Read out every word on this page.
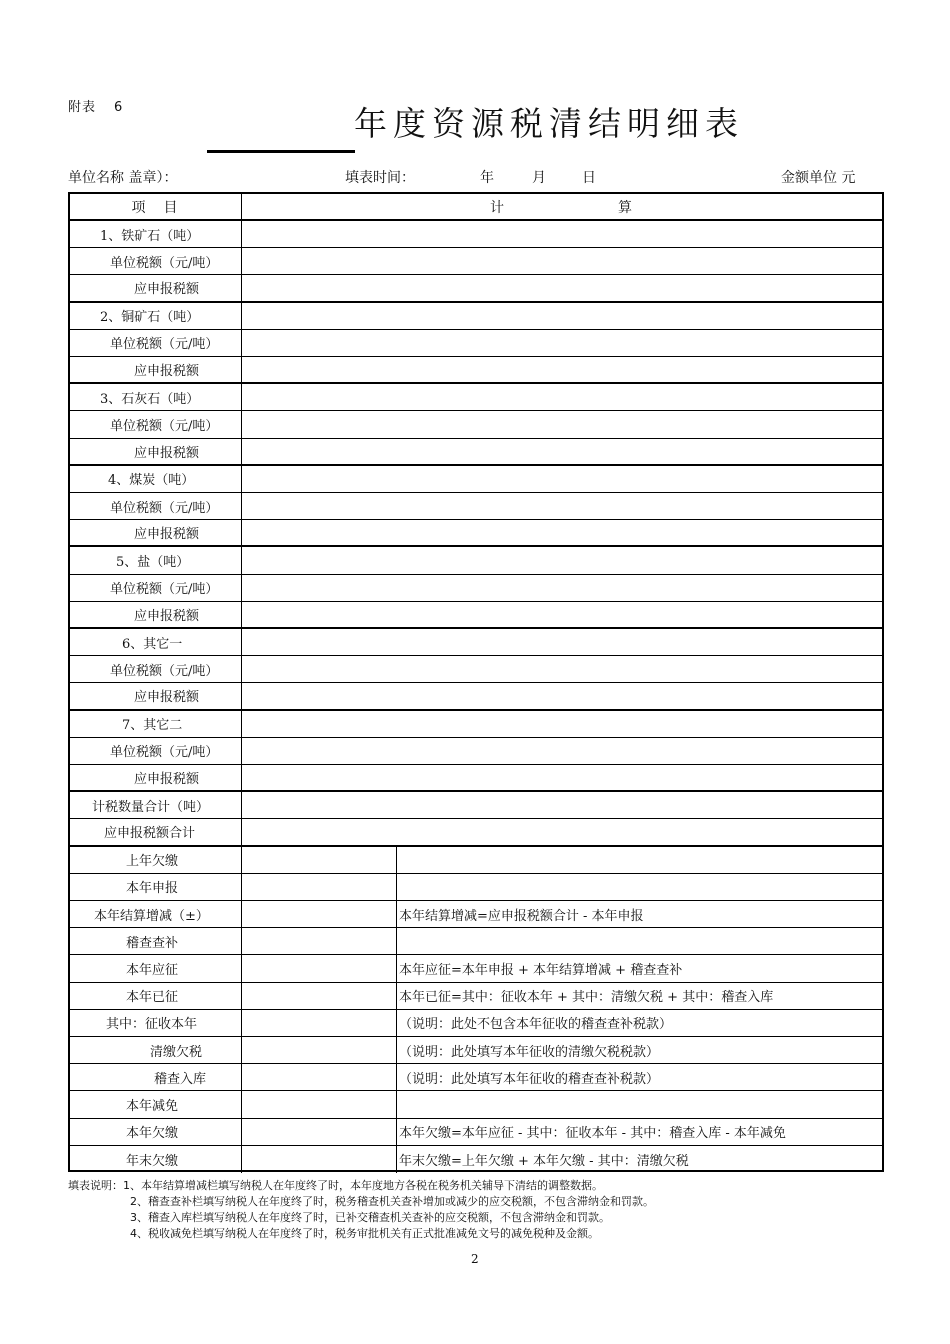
附表 6	年度资源税清结明细表
单位名称 盖章）：	填表时间：	年	月	日	金额单位 元
项　目	计	算
1、铁矿石（吨）
单位税额（元/吨）
应申报税额
2、铜矿石（吨）
单位税额（元/吨）
应申报税额
3、石灰石（吨）
单位税额（元/吨）
应申报税额
4、煤炭（吨）
单位税额（元/吨）
应申报税额
5、盐（吨）
单位税额（元/吨）
应申报税额
6、其它一
单位税额（元/吨）
应申报税额
7、其它二
单位税额（元/吨）
应申报税额
计税数量合计（吨）
应申报税额合计
上年欠缴
本年申报
本年结算增减（±）	本年结算增减=应申报税额合计 - 本年申报
稽查查补
本年应征	本年应征=本年申报 + 本年结算增减 + 稽查查补
本年已征	本年已征=其中：征收本年 + 其中：清缴欠税 + 其中：稽查入库
其中：征收本年	（说明：此处不包含本年征收的稽查查补税款）
清缴欠税	（说明：此处填写本年征收的清缴欠税税款）
稽查入库	（说明：此处填写本年征收的稽查查补税款）
本年减免
本年欠缴	本年欠缴=本年应征 - 其中：征收本年 - 其中：稽查入库 - 本年减免
年末欠缴	年末欠缴=上年欠缴 + 本年欠缴 - 其中：清缴欠税
填表说明：1、本年结算增减栏填写纳税人在年度终了时，本年度地方各税在税务机关辅导下清结的调整数据。
2、稽查查补栏填写纳税人在年度终了时，税务稽查机关查补增加或减少的应交税额，不包含滞纳金和罚款。
3、稽查入库栏填写纳税人在年度终了时，已补交稽查机关查补的应交税额，不包含滞纳金和罚款。
4、税收减免栏填写纳税人在年度终了时，税务审批机关有正式批准减免文号的减免税种及金额。
2
